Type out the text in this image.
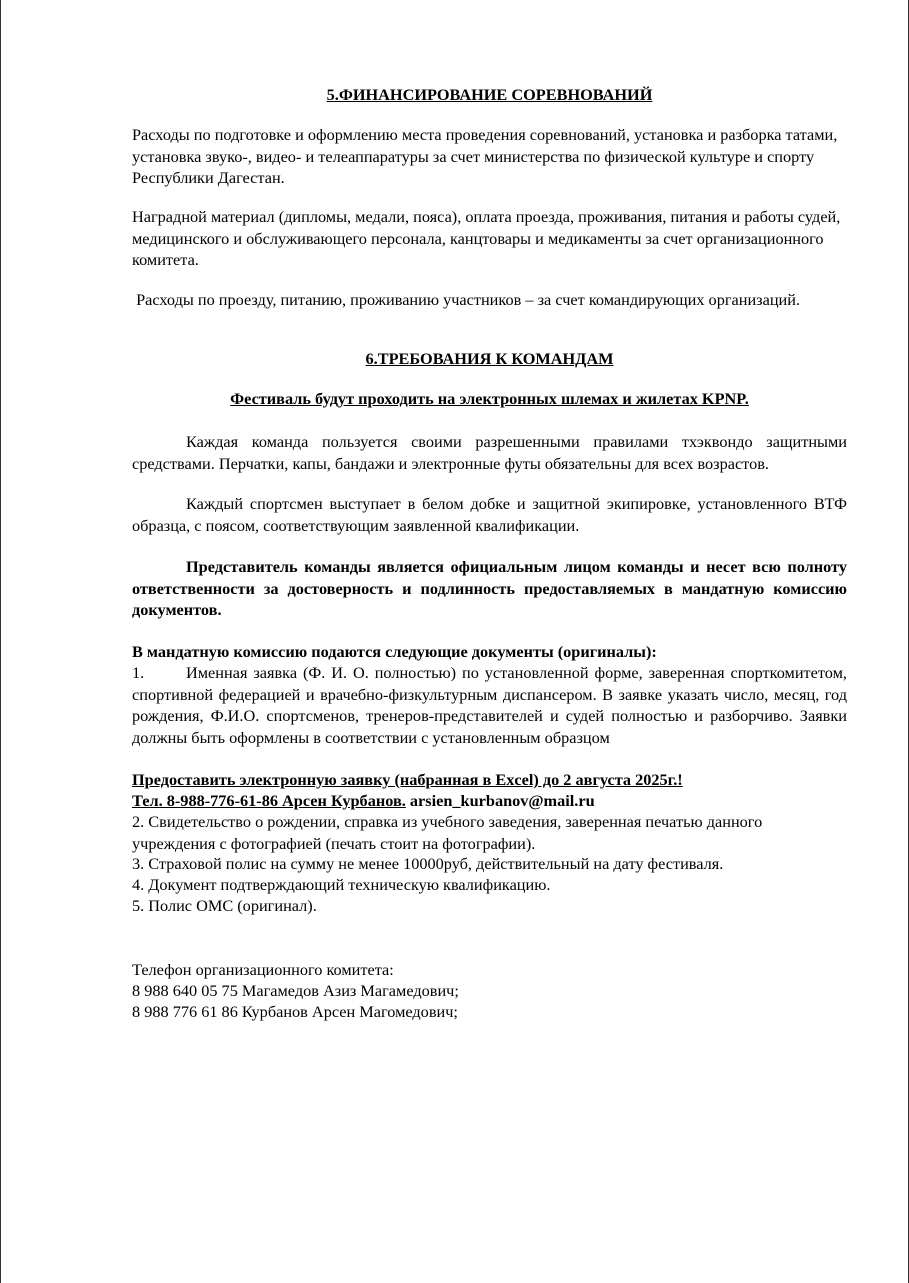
5.ФИНАНСИРОВАНИЕ СОРЕВНОВАНИЙ

Расходы по подготовке и оформлению места проведения соревнований, установка и разборка татами, установка звуко-, видео- и телеаппаратуры за счет министерства по физической культуре и спорту Республики Дагестан.

Наградной материал (дипломы, медали, пояса), оплата проезда, проживания, питания и работы судей, медицинского и обслуживающего персонала, канцтовары и медикаменты за счет организационного комитета.

Расходы по проезду, питанию, проживанию участников – за счет командирующих организаций.

6.ТРЕБОВАНИЯ К КОМАНДАМ

Фестиваль будут проходить на электронных шлемах и жилетах KPNP.

Каждая команда пользуется своими разрешенными правилами тхэквондо защитными средствами. Перчатки, капы, бандажи и электронные футы обязательны для всех возрастов.

Каждый спортсмен выступает в белом добке и защитной экипировке, установленного ВТФ образца, с поясом, соответствующим заявленной квалификации.

Представитель команды является официальным лицом команды и несет всю полноту ответственности за достоверность и подлинность предоставляемых в мандатную комиссию документов.

В мандатную комиссию подаются следующие документы (оригиналы):

1.	Именная заявка (Ф. И. О. полностью) по установленной форме, заверенная спорткомитетом, спортивной федерацией и врачебно-физкультурным диспансером. В заявке указать число, месяц, год рождения, Ф.И.О. спортсменов, тренеров-представителей и судей полностью и разборчиво. Заявки должны быть оформлены в соответствии с установленным образцом

Предоставить электронную заявку (набранная в Excel) до 2 августа 2025г.!

Тел. 8-988-776-61-86 Арсен Курбанов. arsien_kurbanov@mail.ru

2. Свидетельство о рождении, справка из учебного заведения, заверенная печатью данного учреждения с фотографией (печать стоит на фотографии).

3. Страховой полис на сумму не менее 10000руб, действительный на дату фестиваля.

4. Документ подтверждающий техническую квалификацию.

5. Полис ОМС (оригинал).

Телефон организационного комитета:

8 988 640 05 75 Магамедов Азиз Магамедович;

8 988 776 61 86 Курбанов Арсен Магомедович;
